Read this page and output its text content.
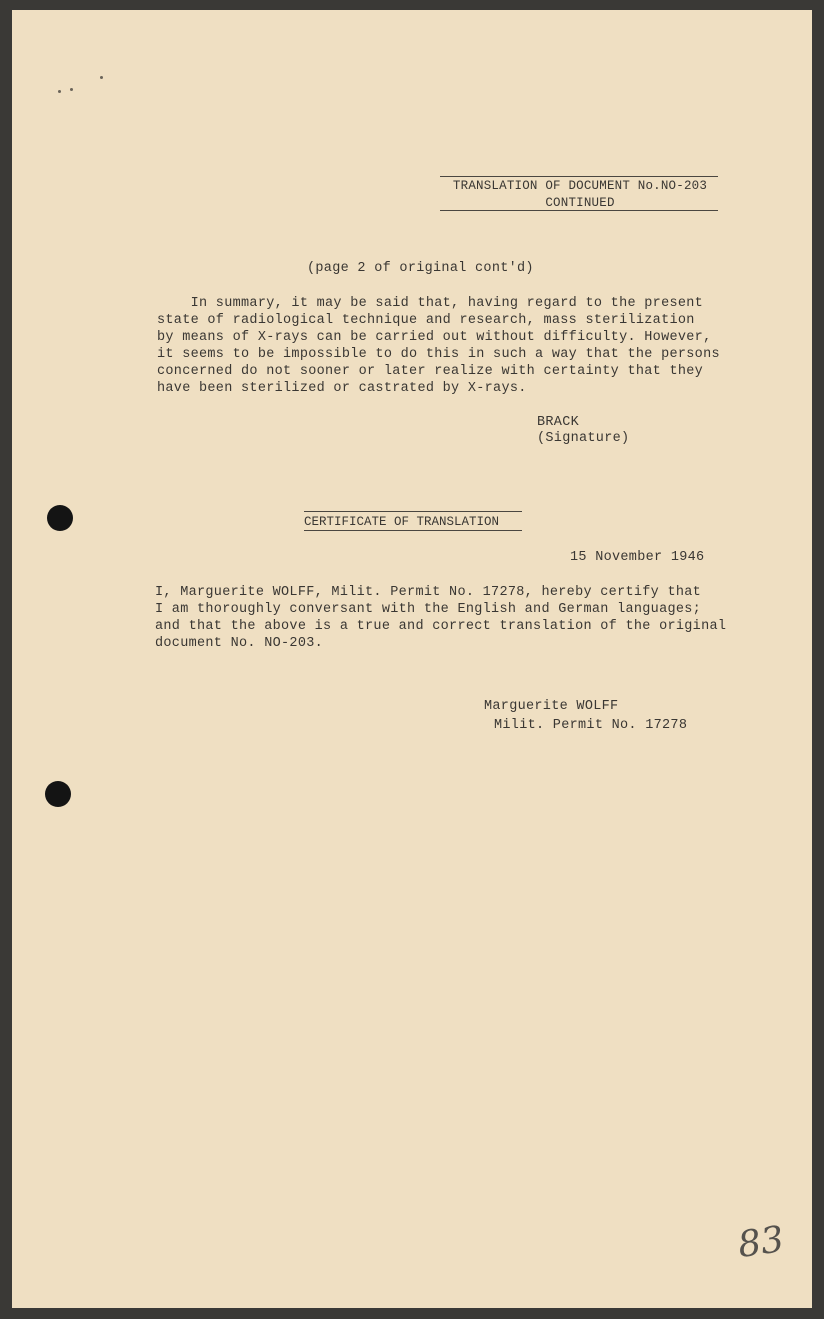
TRANSLATION OF DOCUMENT No.NO-203
CONTINUED
(page 2 of original cont'd)
In summary, it may be said that, having regard to the present
state of radiological technique and research, mass sterilization
by means of X-rays can be carried out without difficulty. However,
it seems to be impossible to do this in such a way that the persons
concerned do not sooner or later realize with certainty that they
have been sterilized or castrated by X-rays.
BRACK
(Signature)
CERTIFICATE OF TRANSLATION
15 November 1946
I, Marguerite WOLFF, Milit. Permit No. 17278, hereby certify that
I am thoroughly conversant with the English and German languages;
and that the above is a true and correct translation of the original
document No. NO-203.
Marguerite WOLFF
Milit. Permit No. 17278
83
